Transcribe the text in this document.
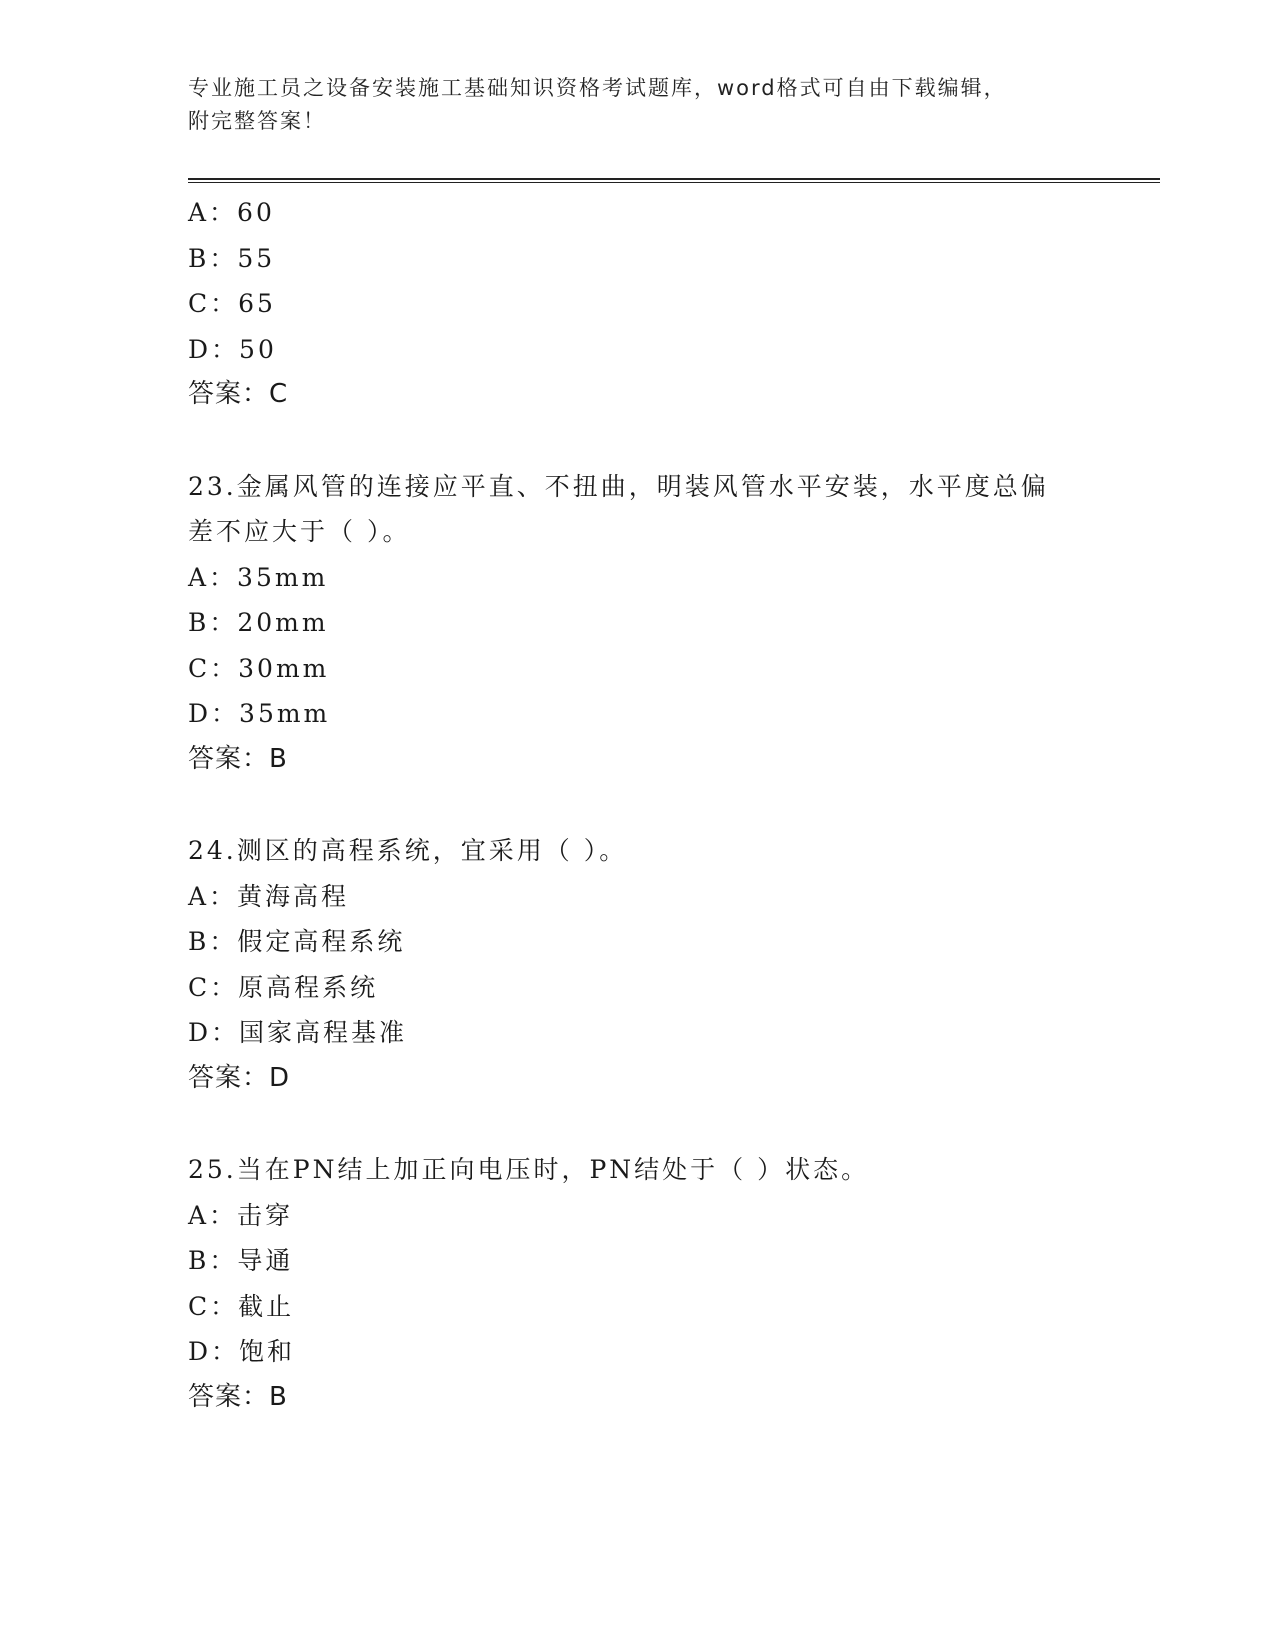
专业施工员之设备安装施工基础知识资格考试题库，word格式可自由下载编辑，
附完整答案！
A：60
B：55
C：65
D：50
答案：C
23.金属风管的连接应平直、不扭曲，明装风管水平安装，水平度总偏
差不应大于（ ）。
A：35mm
B：20mm
C：30mm
D：35mm
答案：B
24.测区的高程系统，宜采用（ ）。
A：黄海高程
B：假定高程系统
C：原高程系统
D：国家高程基准
答案：D
25.当在PN结上加正向电压时，PN结处于（ ）状态。
A：击穿
B：导通
C：截止
D：饱和
答案：B
